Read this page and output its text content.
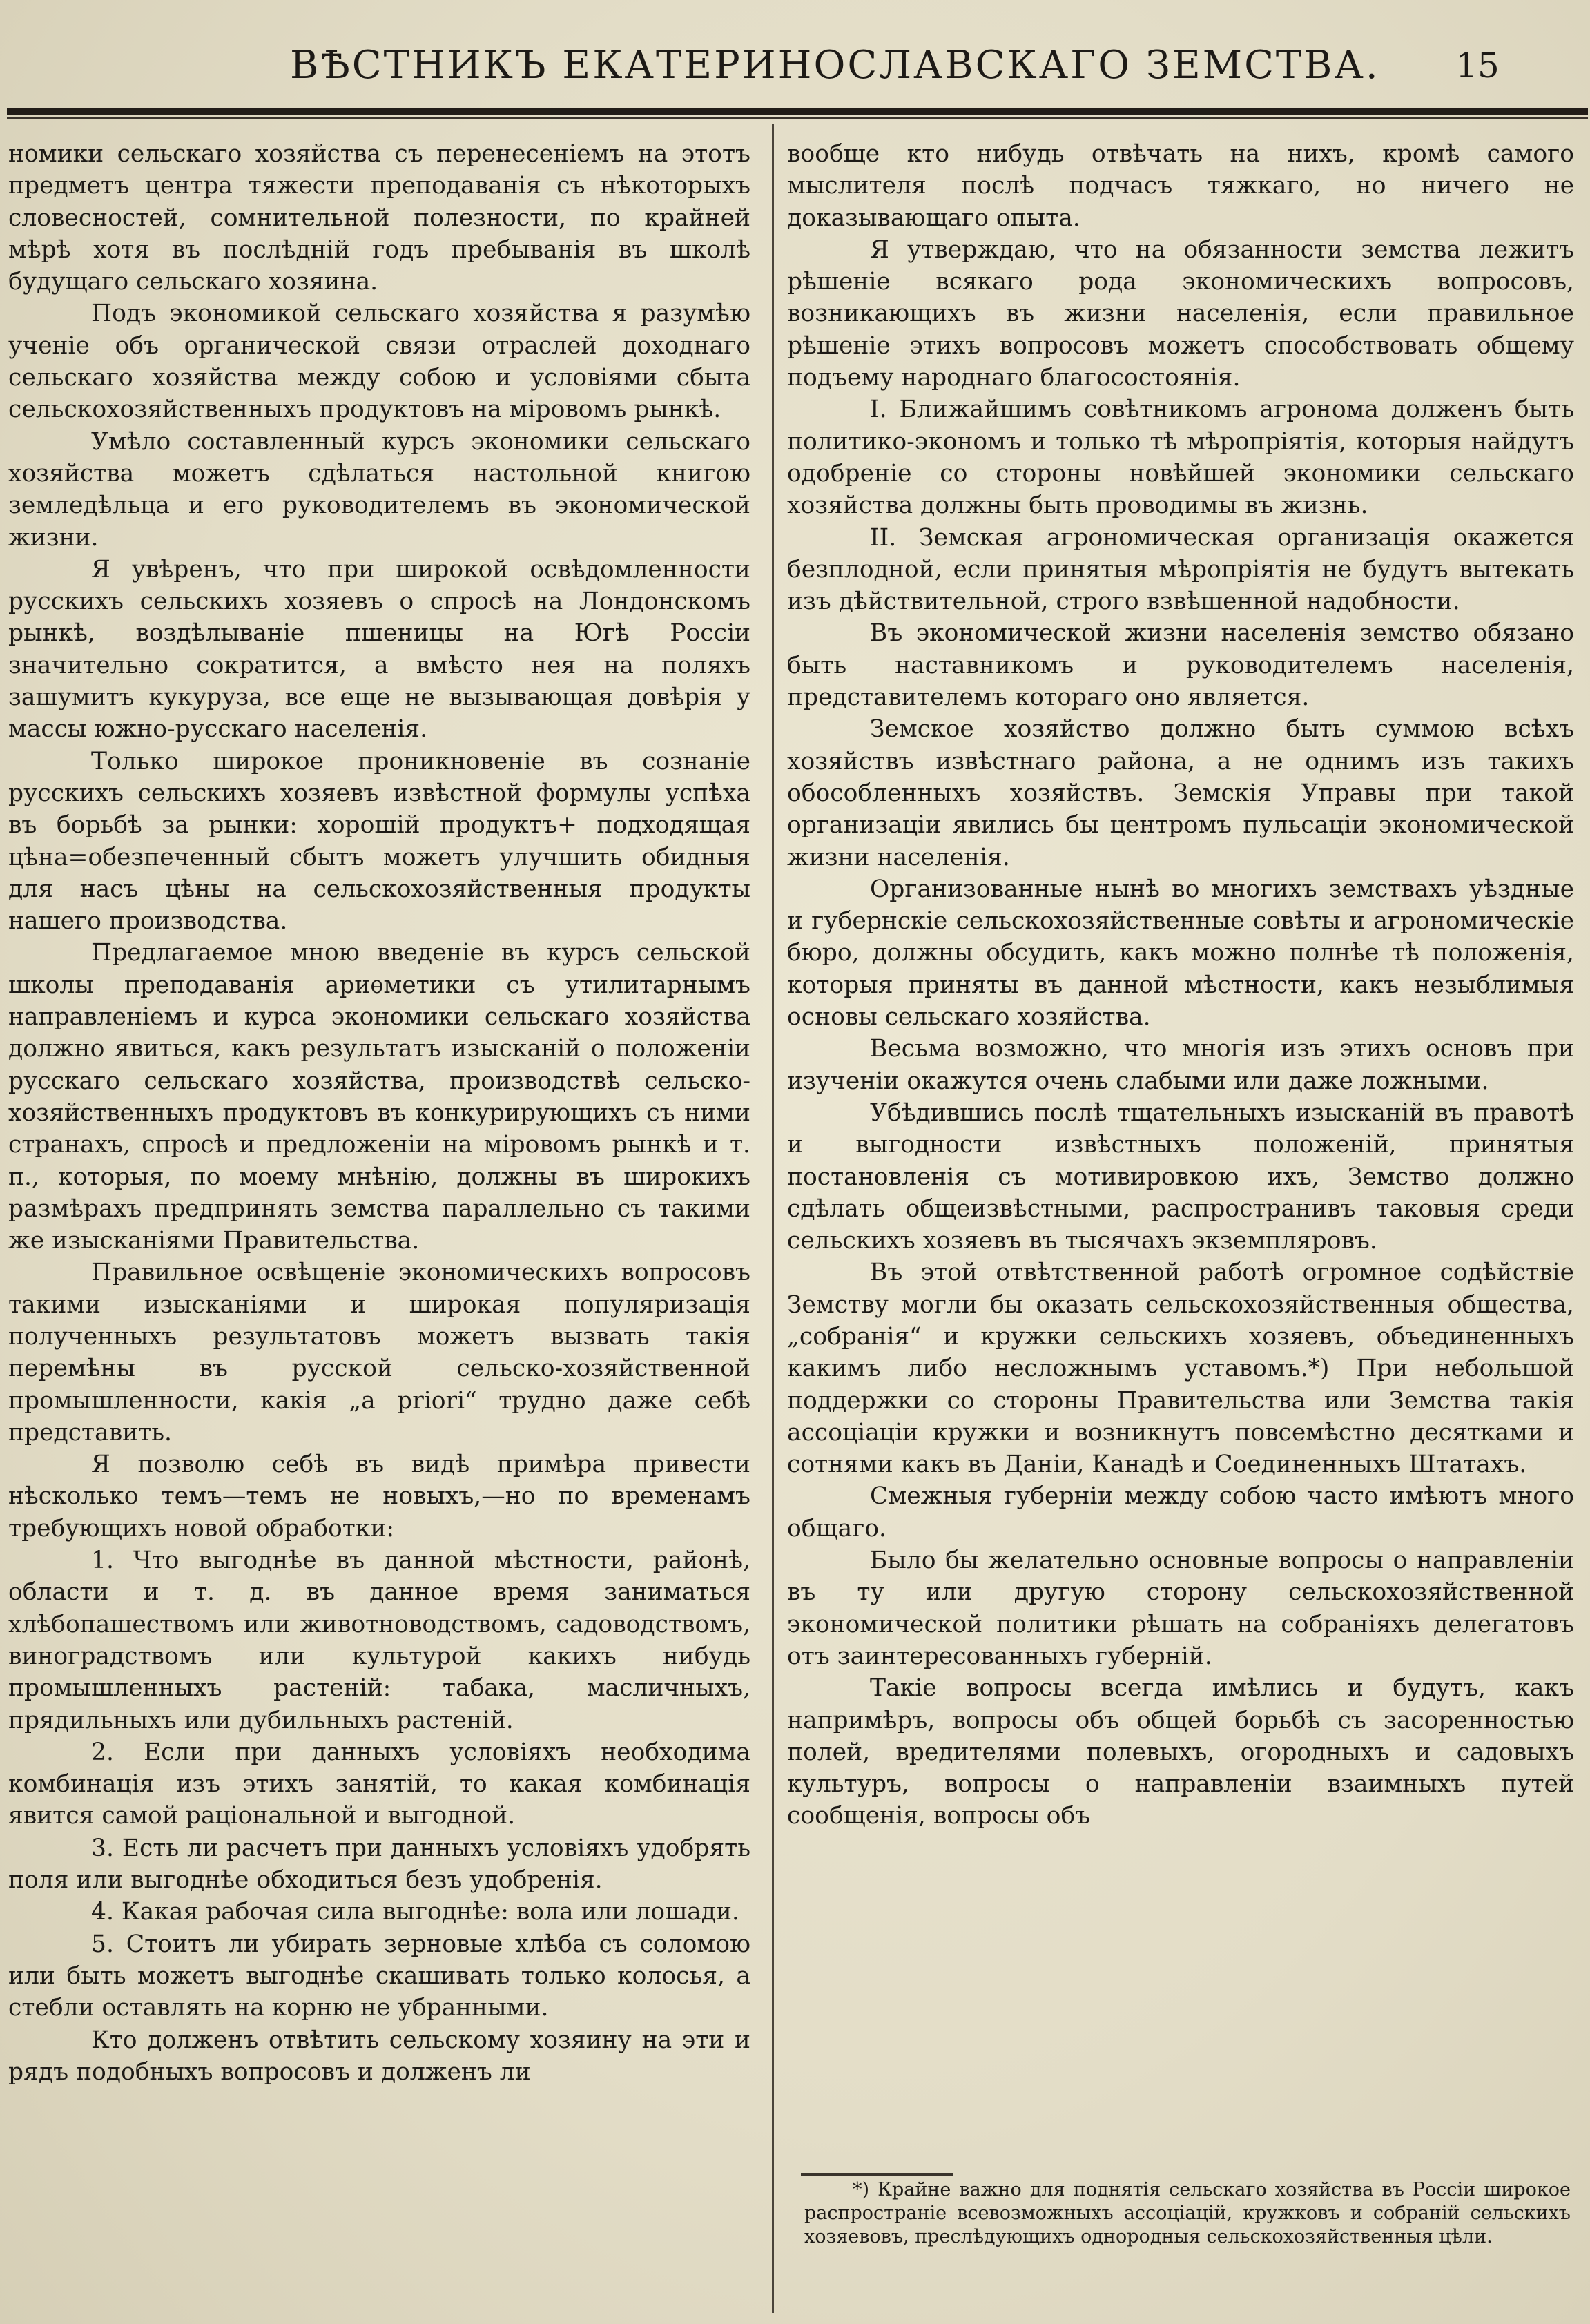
ВѢСТНИКЪ ЕКАТЕРИНОСЛАВСКАГО ЗЕМСТВА.	15

номики сельскаго хозяйства съ перенесеніемъ на этотъ предметъ центра тяжести преподаванія съ нѣкоторыхъ словесностей, сомнительной полезности, по крайней мѣрѣ хотя въ послѣдній годъ пребыванія въ школѣ будущаго сельскаго хозяина.

Подъ экономикой сельскаго хозяйства я разумѣю ученіе объ органической связи отраслей доходнаго сельскаго хозяйства между собою и условіями сбыта сельскохозяйственныхъ продуктовъ на міровомъ рынкѣ.

Умѣло составленный курсъ экономики сельскаго хозяйства можетъ сдѣлаться настольной книгою земледѣльца и его руководителемъ въ экономической жизни.

Я увѣренъ, что при широкой освѣдомленности русскихъ сельскихъ хозяевъ о спросѣ на Лондонскомъ рынкѣ, воздѣлываніе пшеницы на Югѣ Россіи значительно сократится, а вмѣсто нея на поляхъ зашумитъ кукуруза, все еще не вызывающая довѣрія у массы южно-русскаго населенія.

Только широкое проникновеніе въ сознаніе русскихъ сельскихъ хозяевъ извѣстной формулы успѣха въ борьбѣ за рынки: хорошій продуктъ+ подходящая цѣна=обезпеченный сбытъ можетъ улучшить обидныя для насъ цѣны на сельскохозяйственныя продукты нашего производства.

Предлагаемое мною введеніе въ курсъ сельской школы преподаванія ариѳметики съ утилитарнымъ направленіемъ и курса экономики сельскаго хозяйства должно явиться, какъ результатъ изысканій о положеніи русскаго сельскаго хозяйства, производствѣ сельско-хозяйственныхъ продуктовъ въ конкурирующихъ съ ними странахъ, спросѣ и предложеніи на міровомъ рынкѣ и т. п., которыя, по моему мнѣнію, должны въ широкихъ размѣрахъ предпринять земства параллельно съ такими же изысканіями Правительства.

Правильное освѣщеніе экономическихъ вопросовъ такими изысканіями и широкая популяризація полученныхъ результатовъ можетъ вызвать такія перемѣны въ русской сельско-хозяйственной промышленности, какія „a priori“ трудно даже себѣ представить.

Я позволю себѣ въ видѣ примѣра привести нѣсколько темъ—темъ не новыхъ,—но по временамъ требующихъ новой обработки:

1. Что выгоднѣе въ данной мѣстности, районѣ, области и т. д. въ данное время заниматься хлѣбопашествомъ или животноводствомъ, садоводствомъ, виноградствомъ или культурой какихъ нибудь промышленныхъ растеній: табака, масличныхъ, прядильныхъ или дубильныхъ растеній.

2. Если при данныхъ условіяхъ необходима комбинація изъ этихъ занятій, то какая комбинація явится самой раціональной и выгодной.

3. Есть ли расчетъ при данныхъ условіяхъ удобрять поля или выгоднѣе обходиться безъ удобренія.

4. Какая рабочая сила выгоднѣе: вола или лошади.

5. Стоитъ ли убирать зерновые хлѣба съ соломою или быть можетъ выгоднѣе скашивать только колосья, а стебли оставлять на корню не убранными.

Кто долженъ отвѣтить сельскому хозяину на эти и рядъ подобныхъ вопросовъ и долженъ ли

вообще кто нибудь отвѣчать на нихъ, кромѣ самого мыслителя послѣ подчасъ тяжкаго, но ничего не доказывающаго опыта.

Я утверждаю, что на обязанности земства лежитъ рѣшеніе всякаго рода экономическихъ вопросовъ, возникающихъ въ жизни населенія, если правильное рѣшеніе этихъ вопросовъ можетъ способствовать общему подъему народнаго благосостоянія.

I. Ближайшимъ совѣтникомъ агронома долженъ быть политико-экономъ и только тѣ мѣропріятія, которыя найдутъ одобреніе со стороны новѣйшей экономики сельскаго хозяйства должны быть проводимы въ жизнь.

II. Земская агрономическая организація окажется безплодной, если принятыя мѣропріятія не будутъ вытекать изъ дѣйствительной, строго взвѣшенной надобности.

Въ экономической жизни населенія земство обязано быть наставникомъ и руководителемъ населенія, представителемъ котораго оно является.

Земское хозяйство должно быть суммою всѣхъ хозяйствъ извѣстнаго района, а не однимъ изъ такихъ обособленныхъ хозяйствъ. Земскія Управы при такой организаціи явились бы центромъ пульсаціи экономической жизни населенія.

Организованные нынѣ во многихъ земствахъ уѣздные и губернскіе сельскохозяйственные совѣты и агрономическіе бюро, должны обсудить, какъ можно полнѣе тѣ положенія, которыя приняты въ данной мѣстности, какъ незыблимыя основы сельскаго хозяйства.

Весьма возможно, что многія изъ этихъ основъ при изученіи окажутся очень слабыми или даже ложными.

Убѣдившись послѣ тщательныхъ изысканій въ правотѣ и выгодности извѣстныхъ положеній, принятыя постановленія съ мотивировкою ихъ, Земство должно сдѣлать общеизвѣстными, распространивъ таковыя среди сельскихъ хозяевъ въ тысячахъ экземпляровъ.

Въ этой отвѣтственной работѣ огромное содѣйствіе Земству могли бы оказать сельскохозяйственныя общества, „собранія“ и кружки сельскихъ хозяевъ, объединенныхъ какимъ либо несложнымъ уставомъ.*) При небольшой поддержки со стороны Правительства или Земства такія ассоціаціи кружки и возникнутъ повсемѣстно десятками и сотнями какъ въ Даніи, Канадѣ и Соединенныхъ Штатахъ.

Смежныя губерніи между собою часто имѣютъ много общаго.

Было бы желательно основные вопросы о направленіи въ ту или другую сторону сельскохозяйственной экономической политики рѣшать на собраніяхъ делегатовъ отъ заинтересованныхъ губерній.

Такіе вопросы всегда имѣлись и будутъ, какъ напримѣръ, вопросы объ общей борьбѣ съ засоренностью полей, вредителями полевыхъ, огородныхъ и садовыхъ культуръ, вопросы о направленіи взаимныхъ путей сообщенія, вопросы объ

*) Крайне важно для поднятія сельскаго хозяйства въ Россіи широкое распространіе всевозможныхъ ассоціацій, кружковъ и собраній сельскихъ хозяевовъ, преслѣдующихъ однородныя сельскохозяйственныя цѣли.
